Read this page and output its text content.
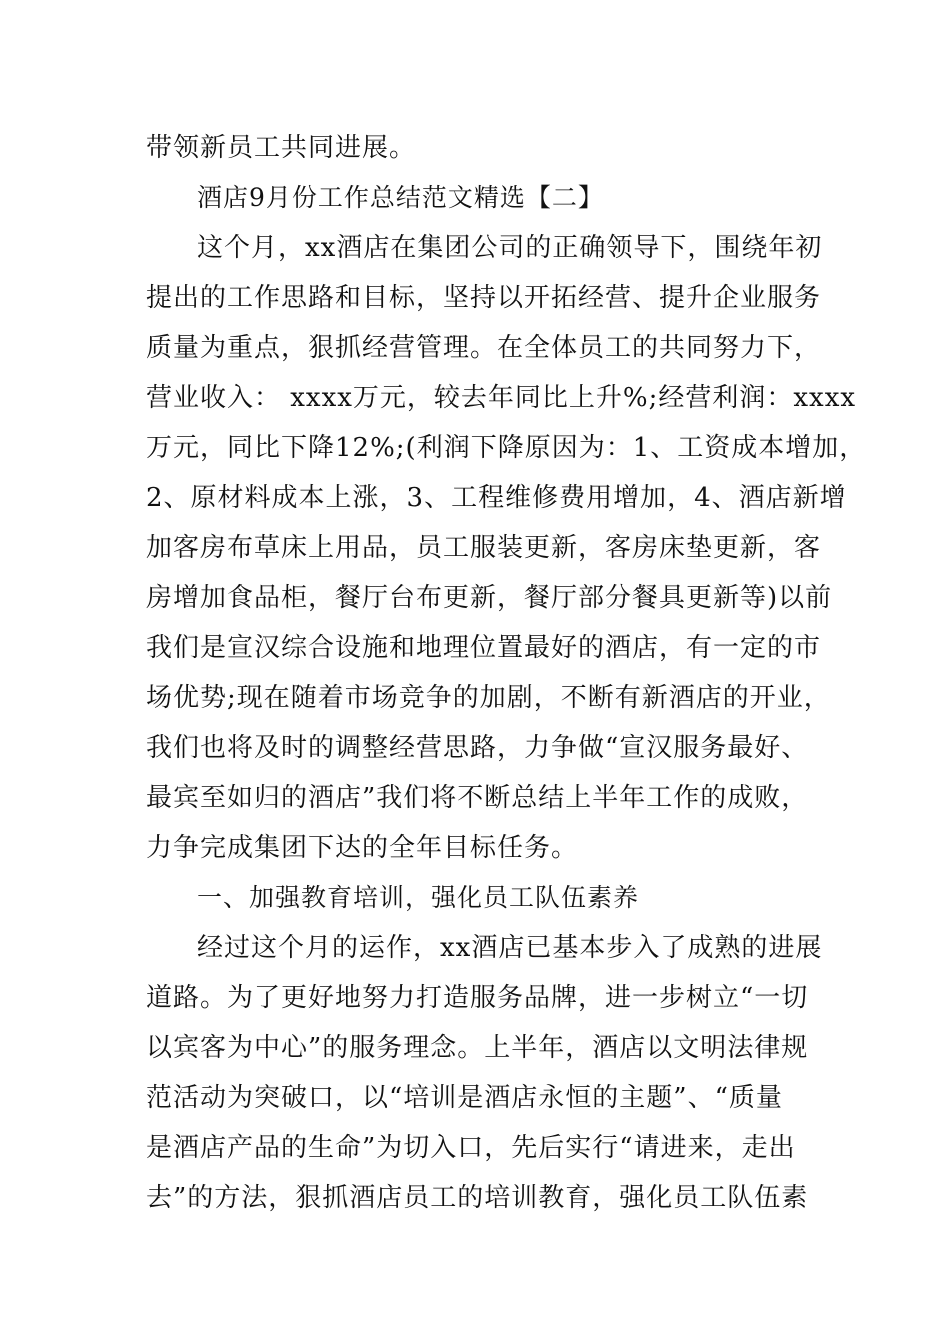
带领新员工共同进展。
酒店9月份工作总结范文精选【二】
这个月，xx酒店在集团公司的正确领导下，围绕年初
提出的工作思路和目标，坚持以开拓经营、提升企业服务
质量为重点，狠抓经营管理。在全体员工的共同努力下，
营业收入： xxxx万元，较去年同比上升%;经营利润：xxxx
万元，同比下降12%;(利润下降原因为：1、工资成本增加，
2、原材料成本上涨，3、工程维修费用增加，4、酒店新增
加客房布草床上用品，员工服装更新，客房床垫更新，客
房增加食品柜，餐厅台布更新，餐厅部分餐具更新等)以前
我们是宣汉综合设施和地理位置最好的酒店，有一定的市
场优势;现在随着市场竞争的加剧，不断有新酒店的开业，
我们也将及时的调整经营思路，力争做“宣汉服务最好、
最宾至如归的酒店”我们将不断总结上半年工作的成败，
力争完成集团下达的全年目标任务。
一、加强教育培训，强化员工队伍素养
经过这个月的运作，xx酒店已基本步入了成熟的进展
道路。为了更好地努力打造服务品牌，进一步树立“一切
以宾客为中心”的服务理念。上半年，酒店以文明法律规
范活动为突破口，以“培训是酒店永恒的主题”、“质量
是酒店产品的生命”为切入口，先后实行“请进来，走出
去”的方法，狠抓酒店员工的培训教育，强化员工队伍素
